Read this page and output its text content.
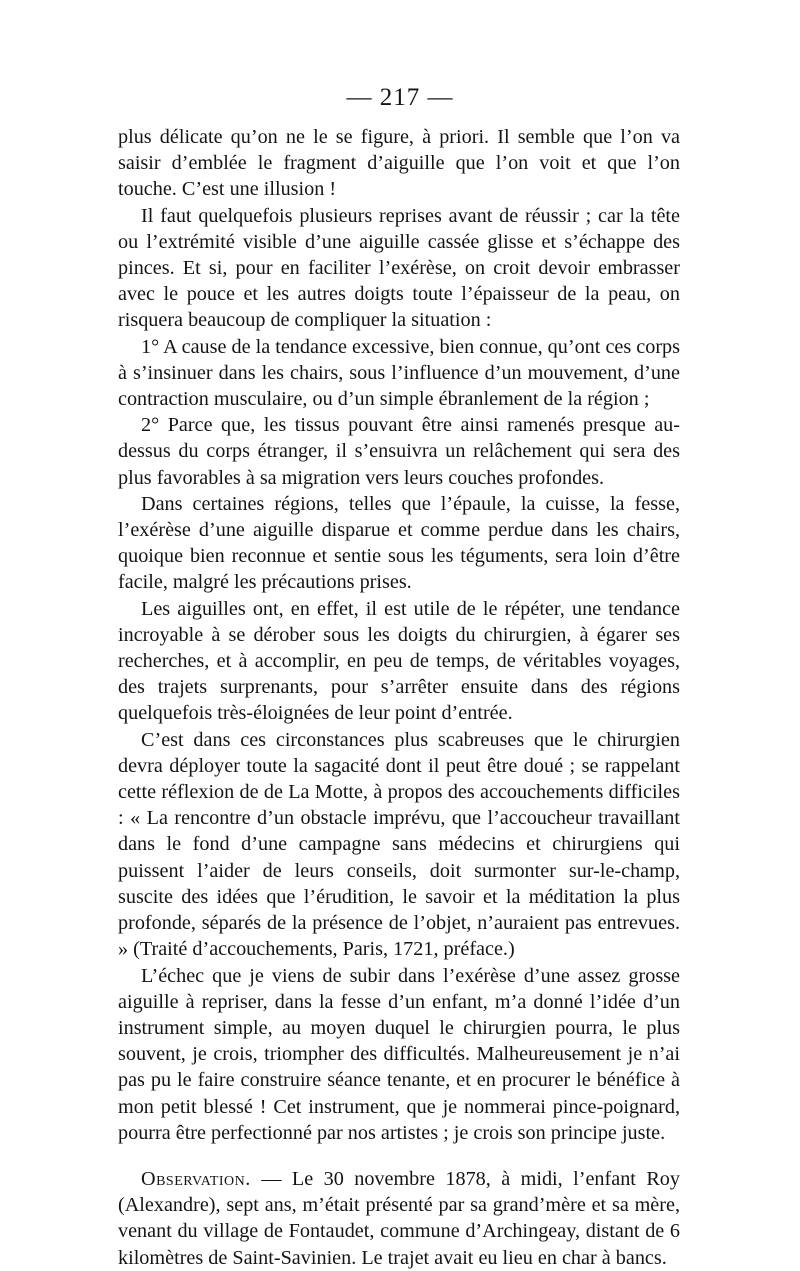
— 217 —

plus délicate qu’on ne le se figure, à priori. Il semble que l’on va saisir d’emblée le fragment d’aiguille que l’on voit et que l’on touche. C’est une illusion !

Il faut quelquefois plusieurs reprises avant de réussir ; car la tête ou l’extrémité visible d’une aiguille cassée glisse et s’échappe des pinces. Et si, pour en faciliter l’exérèse, on croit devoir embrasser avec le pouce et les autres doigts toute l’épaisseur de la peau, on risquera beaucoup de compliquer la situation :

1° A cause de la tendance excessive, bien connue, qu’ont ces corps à s’insinuer dans les chairs, sous l’influence d’un mouvement, d’une contraction musculaire, ou d’un simple ébranlement de la région ;

2° Parce que, les tissus pouvant être ainsi ramenés presque au-dessus du corps étranger, il s’ensuivra un relâchement qui sera des plus favorables à sa migration vers leurs couches profondes.

Dans certaines régions, telles que l’épaule, la cuisse, la fesse, l’exérèse d’une aiguille disparue et comme perdue dans les chairs, quoique bien reconnue et sentie sous les téguments, sera loin d’être facile, malgré les précautions prises.

Les aiguilles ont, en effet, il est utile de le répéter, une tendance incroyable à se dérober sous les doigts du chirurgien, à égarer ses recherches, et à accomplir, en peu de temps, de véritables voyages, des trajets surprenants, pour s’arrêter ensuite dans des régions quelquefois très-éloignées de leur point d’entrée.

C’est dans ces circonstances plus scabreuses que le chirurgien devra déployer toute la sagacité dont il peut être doué ; se rappelant cette réflexion de de La Motte, à propos des accouchements difficiles : « La rencontre d’un obstacle imprévu, que l’accoucheur travaillant dans le fond d’une campagne sans médecins et chirurgiens qui puissent l’aider de leurs conseils, doit surmonter sur-le-champ, suscite des idées que l’érudition, le savoir et la méditation la plus profonde, séparés de la présence de l’objet, n’auraient pas entrevues. » (Traité d’accouchements, Paris, 1721, préface.)

L’échec que je viens de subir dans l’exérèse d’une assez grosse aiguille à repriser, dans la fesse d’un enfant, m’a donné l’idée d’un instrument simple, au moyen duquel le chirurgien pourra, le plus souvent, je crois, triompher des difficultés. Malheureusement je n’ai pas pu le faire construire séance tenante, et en procurer le bénéfice à mon petit blessé ! Cet instrument, que je nommerai pince-poignard, pourra être perfectionné par nos artistes ; je crois son principe juste.

Observation. — Le 30 novembre 1878, à midi, l’enfant Roy (Alexandre), sept ans, m’était présenté par sa grand’mère et sa mère, venant du village de Fontaudet, commune d’Archingeay, distant de 6 kilomètres de Saint-Savinien. Le trajet avait eu lieu en char à bancs.
